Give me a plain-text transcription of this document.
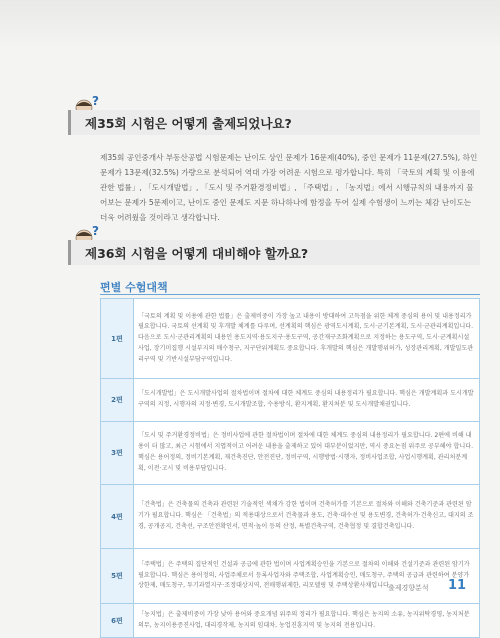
?
제35회 시험은 어떻게 출제되었나요?

제35회 공인중개사 부동산공법 시험문제는 난이도 상인 문제가 16문제(40%), 중인 문제가 11문제(27.5%), 하인 문제가 13문제(32.5%) 가량으로 분석되어 역대 가장 어려운 시험으로 평가합니다. 특히 「국토의 계획 및 이용에 관한 법률」, 「도시개발법」, 「도시 및 주거환경정비법」, 「주택법」, 「농지법」에서 시행규칙의 내용까지 물어보는 문제가 5문제이고, 난이도 중인 문제도 지문 하나하나에 함정을 두어 실제 수험생이 느끼는 체감 난이도는 더욱 어려웠을 것이라고 생각합니다.

?
제36회 시험을 어떻게 대비해야 할까요?
편별 수험대책
1편	「국토의 계획 및 이용에 관한 법률」은 출제비중이 가장 높고 내용이 방대하여 고득점을 위한 체계 중심의 용어 및 내용정리가 필요합니다. 국토의 선계획 및 후개발 체계를 다루며, 선계획의 핵심은 광역도시계획, 도시·군기본계획, 도시·군관리계획입니다. 다음으로 도시·군관리계획의 내용인 용도지역·용도지구·용도구역, 공간재구조화계획으로 지정하는 용도구역, 도시·군계획시설사업, 장기미집행 시설부지의 매수청구, 지구단위계획도 중요합니다. 후개발의 핵심은 개발행위허가, 성장관리계획, 개발밀도관리구역 및 기반시설부담구역입니다.
2편	「도시개발법」은 도시개발사업의 절차법이며 절차에 대한 체계도 중심의 내용정리가 필요합니다. 핵심은 개발계획과 도시개발구역의 지정, 시행자의 지정·변경, 도시개발조합, 수용방식, 환지계획, 환지처분 및 도시개발채권입니다.
3편	「도시 및 주거환경정비법」은 정비사업에 관한 절차법이며 절차에 대한 체계도 중심의 내용정리가 필요합니다. 2편에 비해 내용이 더 많고, 최근 시험에서 지엽적이고 어려운 내용을 출제하고 있어 대부분이었지만, 역시 중요논점 위주로 공부해야 합니다. 핵심은 용어정의, 정비기본계획, 재건축진단, 안전진단, 정비구역, 시행방법·시행자, 정비사업조합, 사업시행계획, 관리처분계획, 이전·고시 및 비용부담입니다.
4편	「건축법」은 건축물의 건축과 관련된 기술적인 색채가 강한 법이며 건축허가를 기본으로 절차와 이해와 건축기준과 관련된 암기가 필요합니다. 핵심은 「건축법」의 적용대상으로서 건축물과 용도, 건축·대수선 및 용도변경, 건축허가·건축신고, 대지의 조경, 공개공지, 건축선, 구조안전확인서, 면적·높이 등의 산정, 특별건축구역, 건축협정 및 결합건축입니다.
5편	「주택법」은 주택의 집단적인 건설과 공급에 관한 법이며 사업계획승인을 기본으로 절차의 이해와 건설기준과 관련된 암기가 필요합니다. 핵심은 용어정의, 사업주체로서 등록사업자와 주택조합, 사업계획승인, 매도청구, 주택의 공급과 관련하여 분양가상한제, 매도청구, 투기과열지구·조정대상지역, 전매행위제한, 리모델링 및 주택상환사채입니다.
6편	「농지법」은 출제비중이 가장 낮아 용어와 중요개념 위주의 정리가 필요합니다. 핵심은 농지의 소유, 농지위탁경영, 농지처분의무, 농지이용증진사업, 대리경작제, 농지의 임대차, 농업진흥지역 및 농지의 전용입니다.
출제경향분석 11
